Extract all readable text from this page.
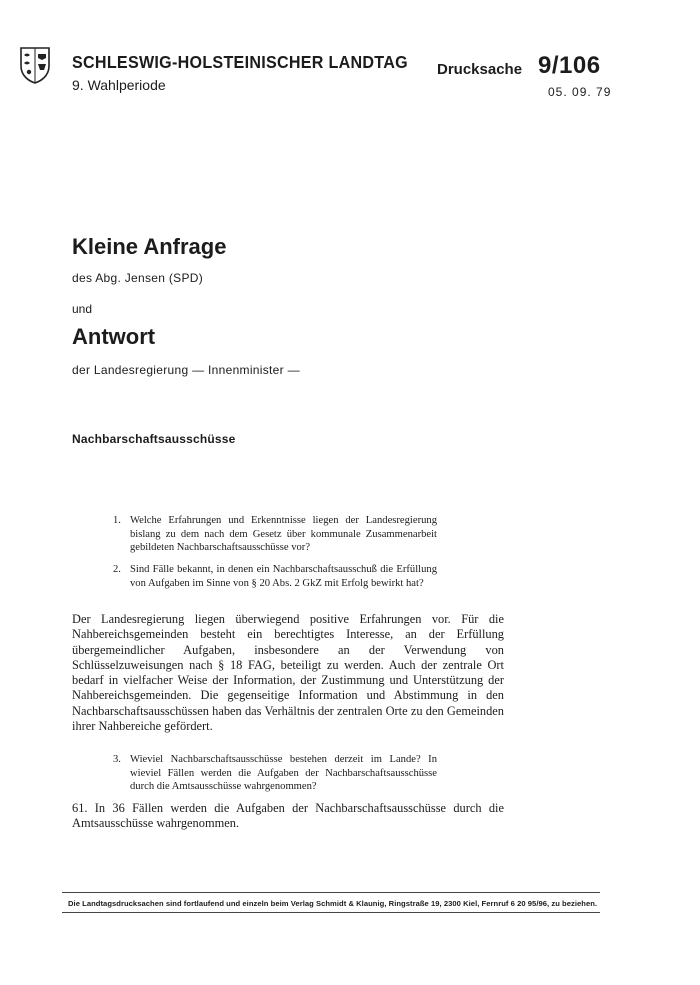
SCHLESWIG-HOLSTEINISCHER LANDTAG
9. Wahlperiode
Drucksache 9/106
05. 09. 79
Kleine Anfrage
des Abg. Jensen (SPD)
und
Antwort
der Landesregierung — Innenminister —
Nachbarschaftsausschüsse
1. Welche Erfahrungen und Erkenntnisse liegen der Landesregierung bislang zu dem nach dem Gesetz über kommunale Zusammenarbeit gebildeten Nachbarschaftsausschüsse vor?
2. Sind Fälle bekannt, in denen ein Nachbarschaftsausschuß die Erfüllung von Aufgaben im Sinne von § 20 Abs. 2 GkZ mit Erfolg bewirkt hat?
Der Landesregierung liegen überwiegend positive Erfahrungen vor. Für die Nahbereichsgemeinden besteht ein berechtigtes Interesse, an der Erfüllung übergemeindlicher Aufgaben, insbesondere an der Verwendung von Schlüsselzuweisungen nach § 18 FAG, beteiligt zu werden. Auch der zentrale Ort bedarf in vielfacher Weise der Information, der Zustimmung und Unterstützung der Nahbereichsgemeinden. Die gegenseitige Information und Abstimmung in den Nachbarschaftsausschüssen haben das Verhältnis der zentralen Orte zu den Gemeinden ihrer Nahbereiche gefördert.
3. Wieviel Nachbarschaftsausschüsse bestehen derzeit im Lande? In wieviel Fällen werden die Aufgaben der Nachbarschaftsausschüsse durch die Amtsausschüsse wahrgenommen?
61. In 36 Fällen werden die Aufgaben der Nachbarschaftsausschüsse durch die Amtsausschüsse wahrgenommen.
Die Landtagsdrucksachen sind fortlaufend und einzeln beim Verlag Schmidt & Klaunig, Ringstraße 19, 2300 Kiel, Fernruf 6 20 95/96, zu beziehen.
